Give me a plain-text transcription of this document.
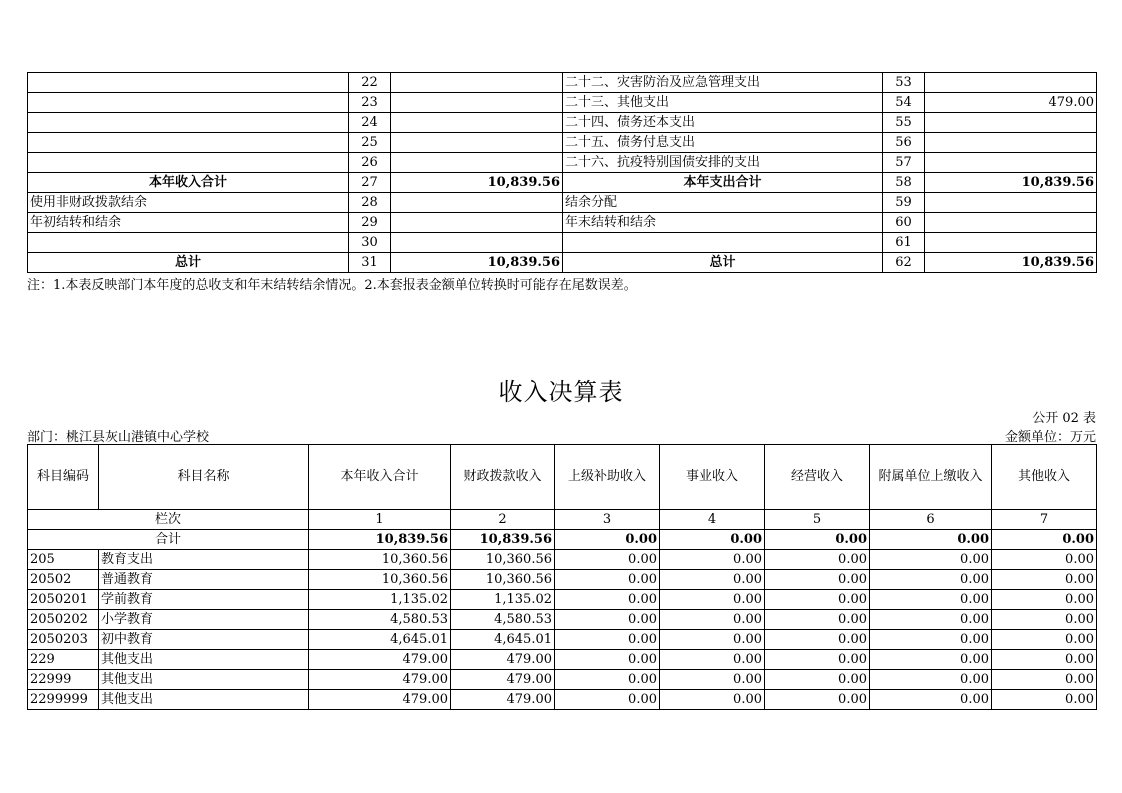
	22		二十二、灾害防治及应急管理支出	53	
	23		二十三、其他支出	54	479.00
	24		二十四、债务还本支出	55	
	25		二十五、债务付息支出	56	
	26		二十六、抗疫特别国债安排的支出	57	
本年收入合计	27	10,839.56	本年支出合计	58	10,839.56
使用非财政拨款结余	28		结余分配	59	
年初结转和结余	29		年末结转和结余	60	
	30			61	
总计	31	10,839.56	总计	62	10,839.56
注：1.本表反映部门本年度的总收支和年末结转结余情况。2.本套报表金额单位转换时可能存在尾数误差。
收入决算表
公开 02 表
部门：桃江县灰山港镇中心学校	金额单位：万元
科目编码	科目名称	本年收入合计	财政拨款收入	上级补助收入	事业收入	经营收入	附属单位上缴收入	其他收入
栏次		1	2	3	4	5	6	7
合计		10,839.56	10,839.56	0.00	0.00	0.00	0.00	0.00
205	教育支出	10,360.56	10,360.56	0.00	0.00	0.00	0.00	0.00
20502	普通教育	10,360.56	10,360.56	0.00	0.00	0.00	0.00	0.00
2050201	学前教育	1,135.02	1,135.02	0.00	0.00	0.00	0.00	0.00
2050202	小学教育	4,580.53	4,580.53	0.00	0.00	0.00	0.00	0.00
2050203	初中教育	4,645.01	4,645.01	0.00	0.00	0.00	0.00	0.00
229	其他支出	479.00	479.00	0.00	0.00	0.00	0.00	0.00
22999	其他支出	479.00	479.00	0.00	0.00	0.00	0.00	0.00
2299999	其他支出	479.00	479.00	0.00	0.00	0.00	0.00	0.00
